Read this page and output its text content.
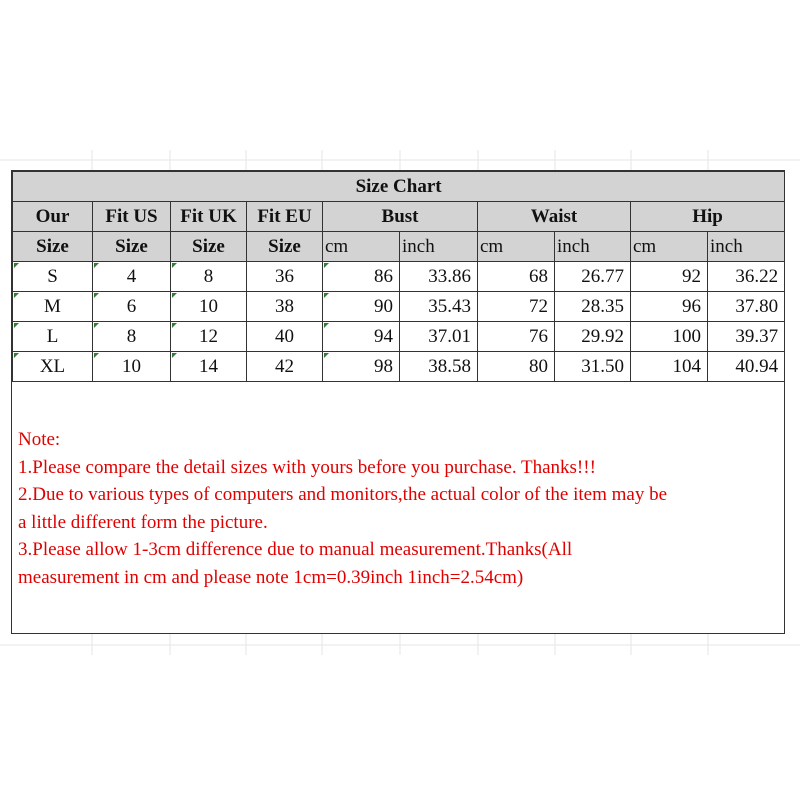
Size Chart									
Our	Fit US	Fit UK	Fit EU	Bust		Waist		Hip	
Size	Size	Size	Size	cm	inch	cm	inch	cm	inch
S	4	8	36	86	33.86	68	26.77	92	36.22
M	6	10	38	90	35.43	72	28.35	96	37.80
L	8	12	40	94	37.01	76	29.92	100	39.37
XL	10	14	42	98	38.58	80	31.50	104	40.94

Note:

1.Please compare the detail sizes with yours before you purchase. Thanks!!!

2.Due to various types of computers and monitors,the actual color of the item may be

a little different form the picture.

3.Please allow 1-3cm difference due to manual measurement.Thanks(All

measurement in cm and please note 1cm=0.39inch 1inch=2.54cm)
